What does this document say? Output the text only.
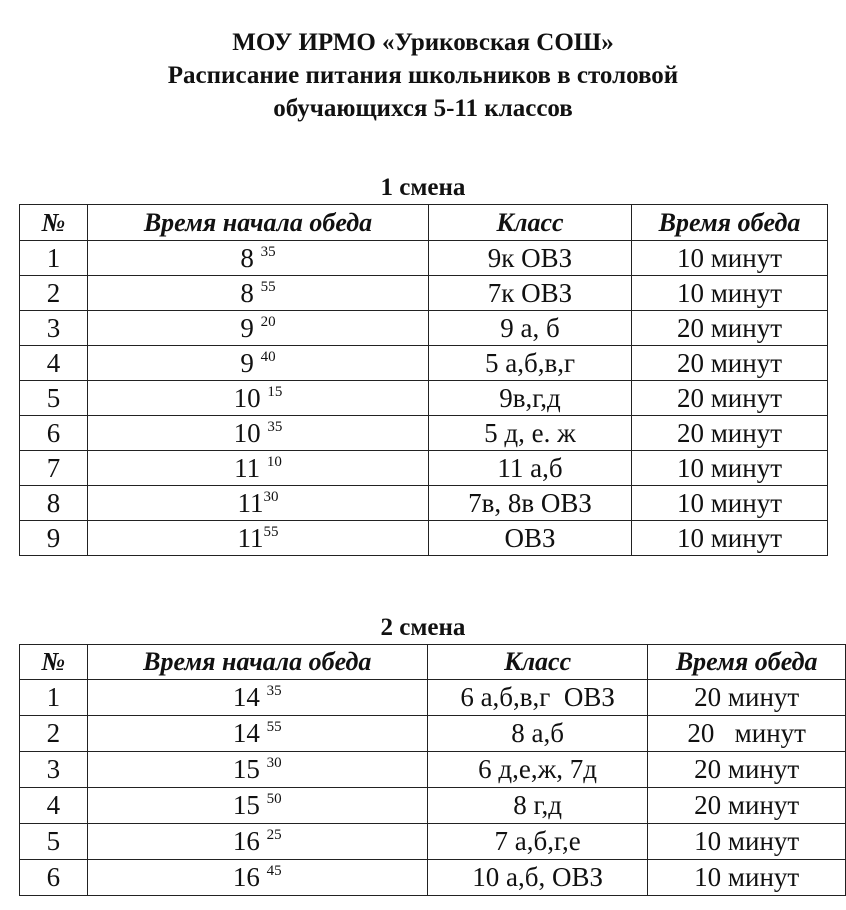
МОУ ИРМО «Уриковская СОШ»
Расписание питания школьников в столовой
обучающихся 5-11 классов
1 смена
№	Время начала обеда	Класс	Время обеда
1	8 $^{35}$	9к ОВЗ	10 минут
2	8 $^{55}$	7к ОВЗ	10 минут
3	9 $^{20}$	9 а, б	20 минут
4	9 $^{40}$	5 а,б,в,г	20 минут
5	10 $^{15}$	9в,г,д	20 минут
6	10 $^{35}$	5 д, е. ж	20 минут
7	11 $^{10}$	11 а,б	10 минут
8	$11^{30}$	7в, 8в ОВЗ	10 минут
9	$11^{55}$	ОВЗ	10 минут
2 смена
№	Время начала обеда	Класс	Время обеда
1	14 $^{35}$	6 а,б,в,г  ОВЗ	20 минут
2	14 $^{55}$	8 а,б	20   минут
3	15 $^{30}$	6 д,е,ж, 7д	20 минут
4	15 $^{50}$	8 г,д	20 минут
5	16 $^{25}$	7 а,б,г,е	10 минут
6	16 $^{45}$	10 а,б, ОВЗ	10 минут
